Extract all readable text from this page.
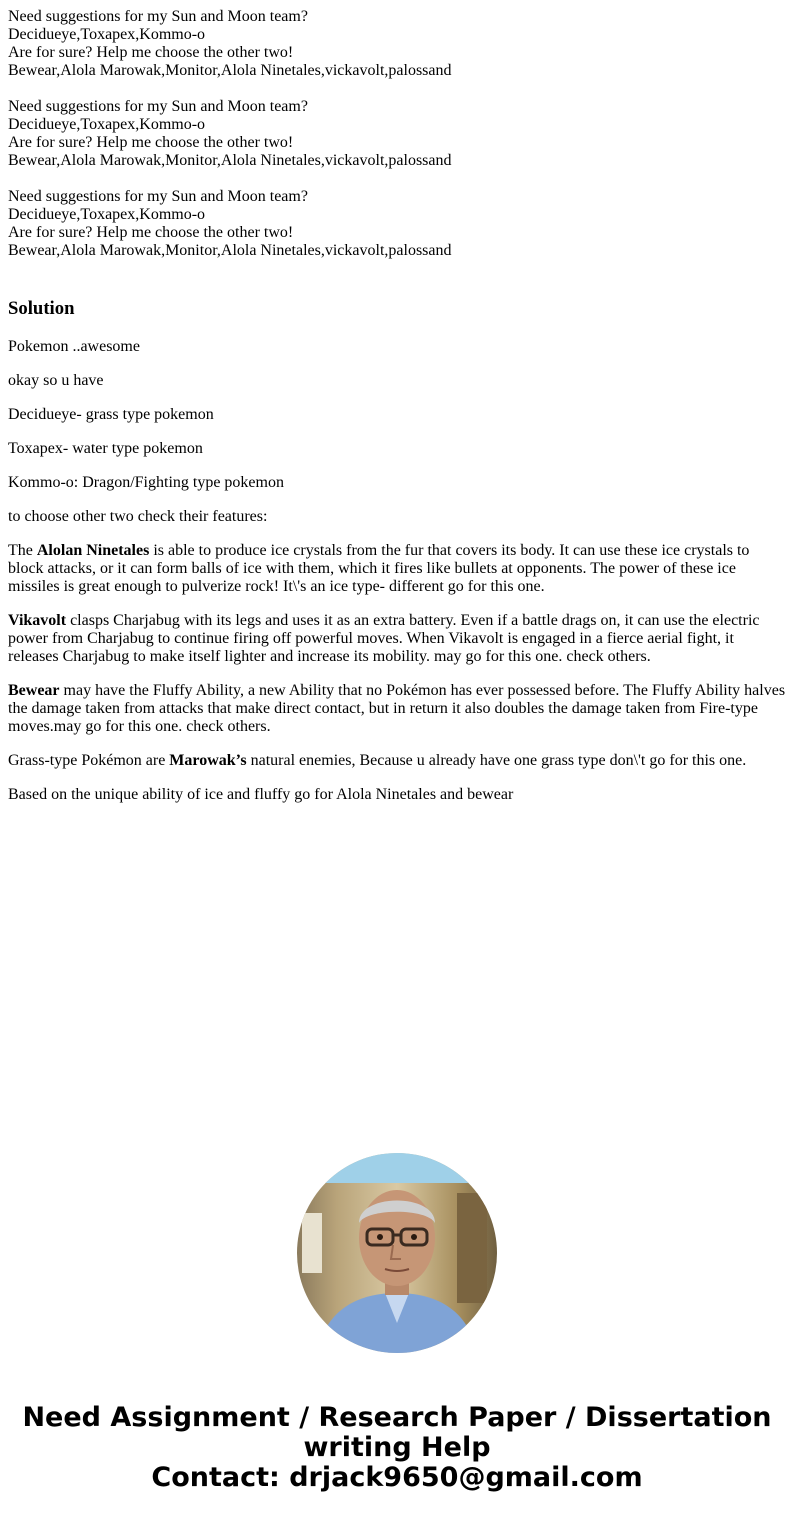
Need suggestions for my Sun and Moon team?

Decidueye,Toxapex,Kommo-o

Are for sure? Help me choose the other two!

Bewear,Alola Marowak,Monitor,Alola Ninetales,vickavolt,palossand

Need suggestions for my Sun and Moon team?

Decidueye,Toxapex,Kommo-o

Are for sure? Help me choose the other two!

Bewear,Alola Marowak,Monitor,Alola Ninetales,vickavolt,palossand

Need suggestions for my Sun and Moon team?

Decidueye,Toxapex,Kommo-o

Are for sure? Help me choose the other two!

Bewear,Alola Marowak,Monitor,Alola Ninetales,vickavolt,palossand

Solution

Pokemon ..awesome

okay so u have

Decidueye- grass type pokemon

Toxapex- water type pokemon

Kommo-o: Dragon/Fighting type pokemon

to choose other two check their features:

The Alolan Ninetales is able to produce ice crystals from the fur that covers its body. It can use these ice crystals to block attacks, or it can form balls of ice with them, which it fires like bullets at opponents. The power of these ice missiles is great enough to pulverize rock! It\'s an ice type- different go for this one.

Vikavolt clasps Charjabug with its legs and uses it as an extra battery. Even if a battle drags on, it can use the electric power from Charjabug to continue firing off powerful moves. When Vikavolt is engaged in a fierce aerial fight, it releases Charjabug to make itself lighter and increase its mobility. may go for this one. check others.

Bewear may have the Fluffy Ability, a new Ability that no Pokémon has ever possessed before. The Fluffy Ability halves the damage taken from attacks that make direct contact, but in return it also doubles the damage taken from Fire-type moves.may go for this one. check others.

Grass-type Pokémon are Marowak’s natural enemies, Because u already have one grass type don\'t go for this one.

Based on the unique ability of ice and fluffy go for Alola Ninetales and bewear

Need Assignment / Research Paper / Dissertation
writing Help
Contact: drjack9650@gmail.com
